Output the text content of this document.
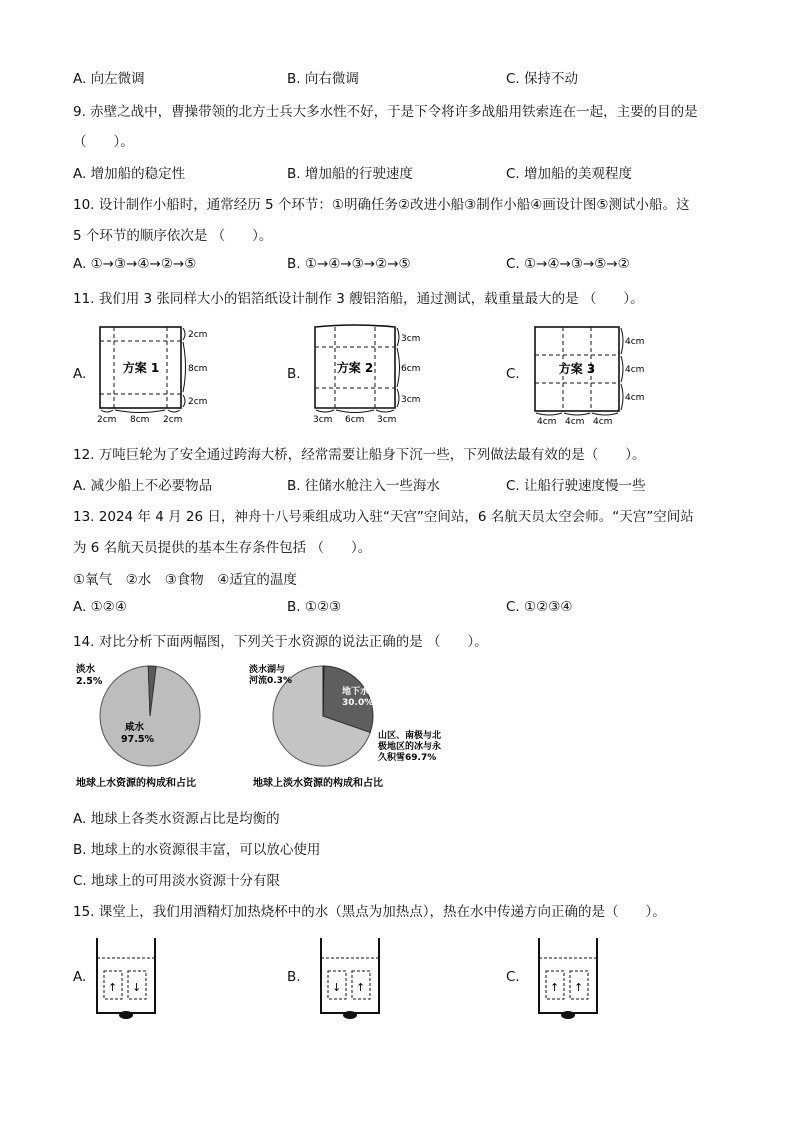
A. 向左微调	B. 向右微调	C. 保持不动
9. 赤壁之战中，曹操带领的北方士兵大多水性不好，于是下令将许多战船用铁索连在一起，主要的目的是
（　　）。
A. 增加船的稳定性	B. 增加船的行驶速度	C. 增加船的美观程度
10. 设计制作小船时，通常经历 5 个环节：①明确任务②改进小船③制作小船④画设计图⑤测试小船。这
5 个环节的顺序依次是 （　　）。
A. ①→③→④→②→⑤	B. ①→④→③→②→⑤	C. ①→④→③→⑤→②
11. 我们用 3 张同样大小的铝箔纸设计制作 3 艘铝箔船，通过测试，载重量最大的是 （　　）。
A.	方案 1
2cm
8cm
2cm
2cm 8cm 2cm
B.	方案 2
3cm
6cm
3cm
3cm 6cm 3cm
C.	方案 3
4cm
4cm
4cm
4cm 4cm 4cm
12. 万吨巨轮为了安全通过跨海大桥，经常需要让船身下沉一些，下列做法最有效的是（　　）。
A. 减少船上不必要物品	B. 往储水舱注入一些海水	C. 让船行驶速度慢一些
13. 2024 年 4 月 26 日，神舟十八号乘组成功入驻“天宫”空间站，6 名航天员太空会师。“天宫”空间站
为 6 名航天员提供的基本生存条件包括 （　　）。
①氧气　②水　③食物　④适宜的温度
A. ①②④	B. ①②③	C. ①②③④
14. 对比分析下面两幅图，下列关于水资源的说法正确的是 （　　）。
淡水
2.5%
咸水
97.5%
地球上水资源的构成和占比
淡水湖与
河流0.3%
地下水
30.0%
山区、南极与北
极地区的冰与永
久积雪69.7%
地球上淡水资源的构成和占比
A. 地球上各类水资源占比是均衡的
B. 地球上的水资源很丰富，可以放心使用
C. 地球上的可用淡水资源十分有限
15. 课堂上，我们用酒精灯加热烧杯中的水（黑点为加热点），热在水中传递方向正确的是（　　）。
A.
↑ ↓
B.
↓ ↑
C.
↑ ↑
